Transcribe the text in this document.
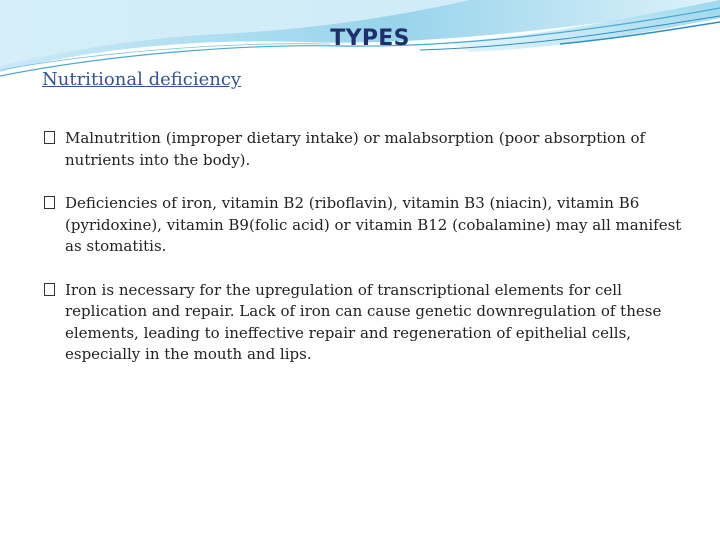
TYPES
Nutritional deficiency
Malnutrition (improper dietary intake) or malabsorption (poor absorption of nutrients into the body).
Deficiencies of iron, vitamin B2 (riboflavin), vitamin B3 (niacin), vitamin B6 (pyridoxine), vitamin B9(folic acid) or vitamin B12 (cobalamine) may all manifest as stomatitis.
Iron is necessary for the upregulation of transcriptional elements for cell replication and repair. Lack of iron can cause genetic downregulation of these elements, leading to ineffective repair and regeneration of epithelial cells, especially in the mouth and lips.
